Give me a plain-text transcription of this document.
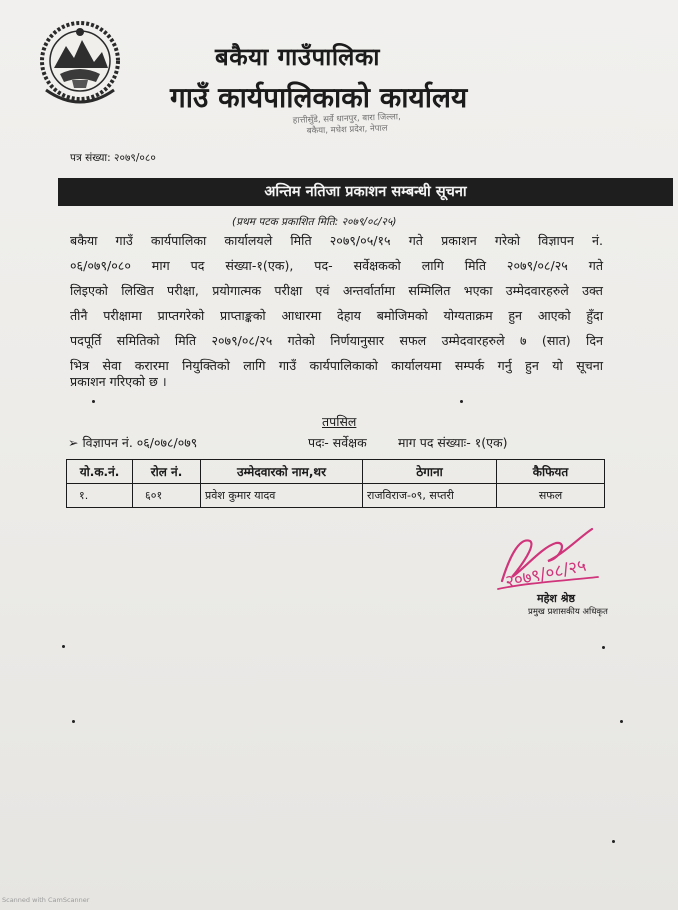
बकैया गाउँपालिका
गाउँ कार्यपालिकाको कार्यालय
हात्तीसुँडे, सर्वे धानपुर, बारा जिल्ला, बकैया, मधेश प्रदेश, नेपाल
पत्र संख्या: २०७९/०८०
अन्तिम नतिजा प्रकाशन सम्बन्धी सूचना
(प्रथम पटक प्रकाशित मिति: २०७९/०८/२५)
बकैया गाउँ कार्यपालिका कार्यालयले मिति २०७९/०५/१५ गते प्रकाशन गरेको विज्ञापन नं.
०६/०७९/०८० माग पद संख्या-१(एक), पद- सर्वेक्षकको लागि मिति २०७९/०८/२५ गते
लिइएको लिखित परीक्षा, प्रयोगात्मक परीक्षा एवं अन्तर्वार्तामा सम्मिलित भएका उम्मेदवारहरुले उक्त
तीनै परीक्षामा प्राप्तगरेको प्राप्ताङ्कको आधारमा देहाय बमोजिमको योग्यताक्रम हुन आएको हुँदा
पदपूर्ति समितिको मिति २०७९/०८/२५ गतेको निर्णयानुसार सफल उम्मेदवारहरुले ७ (सात) दिन
भित्र सेवा करारमा नियुक्तिको लागि गाउँ कार्यपालिकाको कार्यालयमा सम्पर्क गर्नु हुन यो सूचना
प्रकाशन गरिएको छ ।
तपसिल
➢ विज्ञापन नं. ०६/०७८/०७९	पदः- सर्वेक्षक	माग पद संख्याः- १(एक)
यो.क.नं.	रोल नं.	उम्मेदवारको नाम,थर	ठेगाना	कैफियत
१.	६०१	प्रवेश कुमार यादव	राजविराज-०९, सप्तरी	सफल
२०७९/०८/२५
महेश श्रेष्ठ
प्रमुख प्रशासकीय अधिकृत
Scanned with CamScanner
